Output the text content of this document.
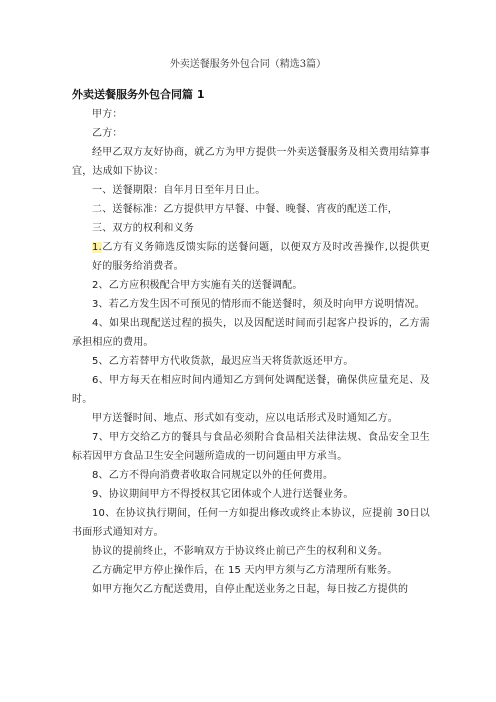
外卖送餐服务外包合同（精选3篇）

外卖送餐服务外包合同篇 1

甲方：

乙方：

经甲乙双方友好协商，就乙方为甲方提供一外卖送餐服务及相关费用结算事宜，达成如下协议：

一、送餐期限：自年月日至年月日止。

二、送餐标准：乙方提供甲方早餐、中餐、晚餐、宵夜的配送工作，

三、双方的权利和义务

1.乙方有义务筛选反馈实际的送餐问题，以便双方及时改善操作,以提供更好的服务给消费者。

2、乙方应积极配合甲方实施有关的送餐调配。

3、若乙方发生因不可预见的情形而不能送餐时，须及时向甲方说明情况。

4、如果出现配送过程的损失，以及因配送时间而引起客户投诉的，乙方需承担相应的费用。

5、乙方若替甲方代收货款，最迟应当天将货款返还甲方。

6、甲方每天在相应时间内通知乙方到何处调配送餐，确保供应量充足、及时。

甲方送餐时间、地点、形式如有变动，应以电话形式及时通知乙方。

7、甲方交给乙方的餐具与食品必须附合食品相关法律法规、食品安全卫生标若因甲方食品卫生安全问题所造成的一切问题由甲方承当。

8、乙方不得向消费者收取合同规定以外的任何费用。

9、协议期间甲方不得授权其它团体或个人进行送餐业务。

10、在协议执行期间，任何一方如提出修改或终止本协议，应提前 30日以书面形式通知对方。

协议的提前终止，不影响双方于协议终止前已产生的权利和义务。

乙方确定甲方停止操作后，在 15 天内甲方须与乙方清理所有账务。

如甲方拖欠乙方配送费用，自停止配送业务之日起，每日按乙方提供的
